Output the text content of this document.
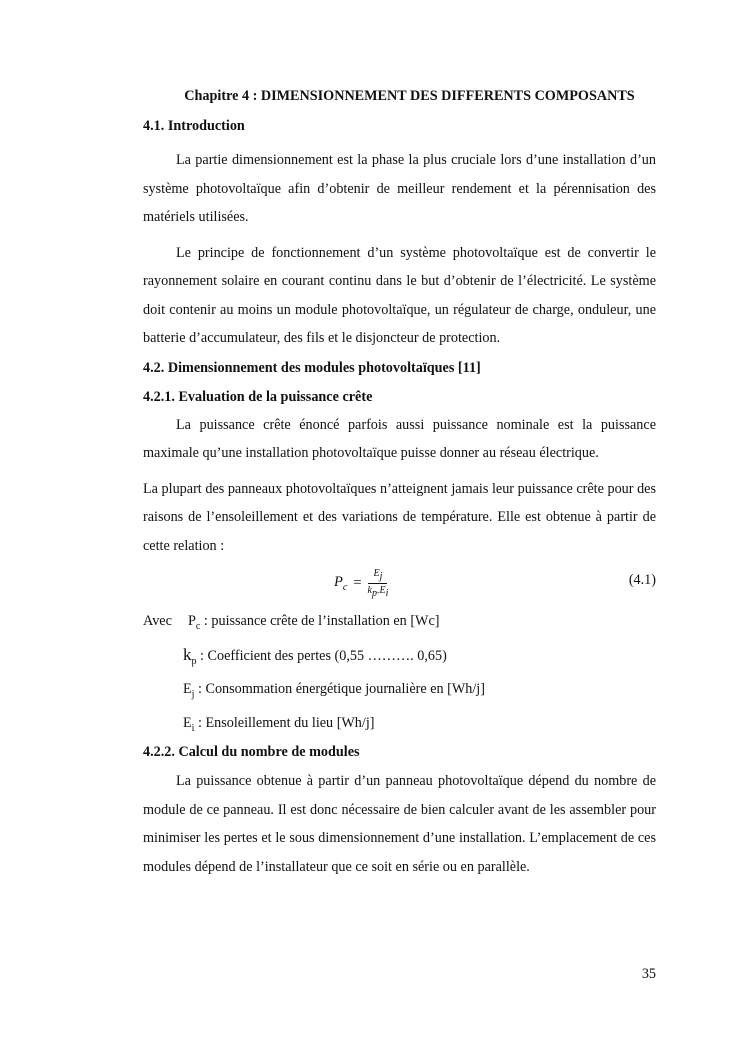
Chapitre 4 : DIMENSIONNEMENT DES DIFFERENTS COMPOSANTS
4.1. Introduction

La partie dimensionnement est la phase la plus cruciale lors d’une installation d’un système photovoltaïque afin d’obtenir de meilleur rendement et la pérennisation des matériels utilisées.

Le principe de fonctionnement d’un système photovoltaïque est de convertir le rayonnement solaire en courant continu dans le but d’obtenir de l’électricité. Le système doit contenir au moins un module photovoltaïque, un régulateur de charge, onduleur, une batterie d’accumulateur, des fils et le disjoncteur de protection.

4.2. Dimensionnement des modules photovoltaïques [11]
4.2.1. Evaluation de la puissance crête

La puissance crête énoncé parfois aussi puissance nominale est la puissance maximale qu’une installation photovoltaïque puisse donner au réseau électrique.

La plupart des panneaux photovoltaïques n’atteignent jamais leur puissance crête pour des raisons de l’ensoleillement et des variations de température. Elle est obtenue à partir de cette relation :

$P_c = \frac{E_j}{k_p.E_i}$	(4.1)
Avec $P_c$ : puissance crête de l’installation en [Wc]
$k_p$ : Coefficient des pertes (0,55 ………. 0,65)
$E_j$ : Consommation énergétique journalière en [Wh/j]
$E_i$ : Ensoleillement du lieu [Wh/j]
4.2.2. Calcul du nombre de modules

La puissance obtenue à partir d’un panneau photovoltaïque dépend du nombre de module de ce panneau. Il est donc nécessaire de bien calculer avant de les assembler pour minimiser les pertes et le sous dimensionnement d’une installation. L’emplacement de ces modules dépend de l’installateur que ce soit en série ou en parallèle.

35
